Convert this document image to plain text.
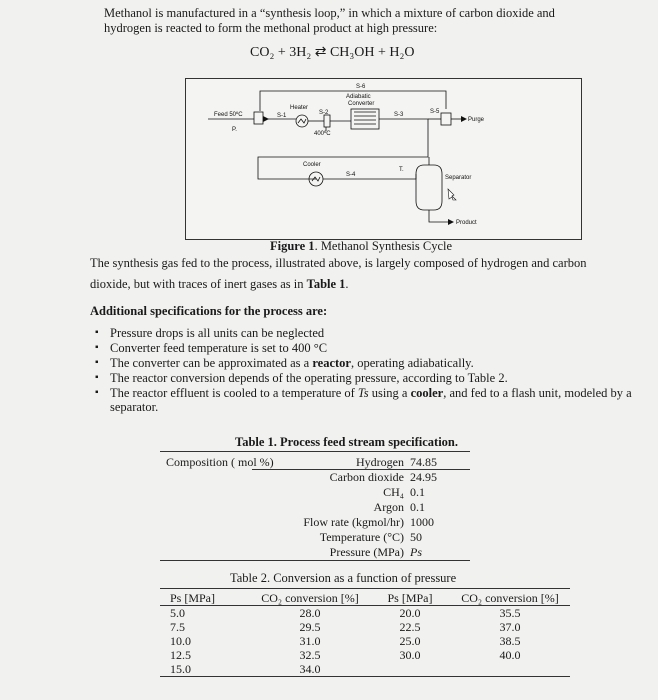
Methanol is manufactured in a “synthesis loop,” in which a mixture of carbon dioxide and

hydrogen is reacted to form the methonal product at high pressure:

CO₂ + 3H₂ ⇄ CH₃OH + H₂O
S-6
Adiabatic
Converter
Heater
Feed 50ºC
P.
S-1	S-2
400ºC
S-3	S-5
Purge
Cooler
S-4
T.
Separator
Product
Figure 1. Methanol Synthesis Cycle

The synthesis gas fed to the process, illustrated above, is largely composed of hydrogen and carbon

dioxide, but with traces of inert gases as in Table 1.

Additional specifications for the process are:

▪ Pressure drops is all units can be neglected
▪ Converter feed temperature is set to 400 °C
▪ The converter can be approximated as a reactor, operating adiabatically.
▪ The reactor conversion depends of the operating pressure, according to Table 2.
▪ The reactor effluent is cooled to a temperature of Ts using a cooler, and fed to a flash unit, modeled by a separator.
Table 1. Process feed stream specification.
Composition ( mol %)	Hydrogen 74.85
Carbon dioxide 24.95
CH₄ 0.1
Argon 0.1
Flow rate (kgmol/hr) 1000
Temperature (°C) 50
Pressure (MPa) Ps
Table 2. Conversion as a function of pressure
Ps [MPa]	CO₂ conversion [%]	Ps [MPa]	CO₂ conversion [%]
5.0	28.0	20.0	35.5
7.5	29.5	22.5	37.0
10.0	31.0	25.0	38.5
12.5	32.5	30.0	40.0
15.0	34.0
